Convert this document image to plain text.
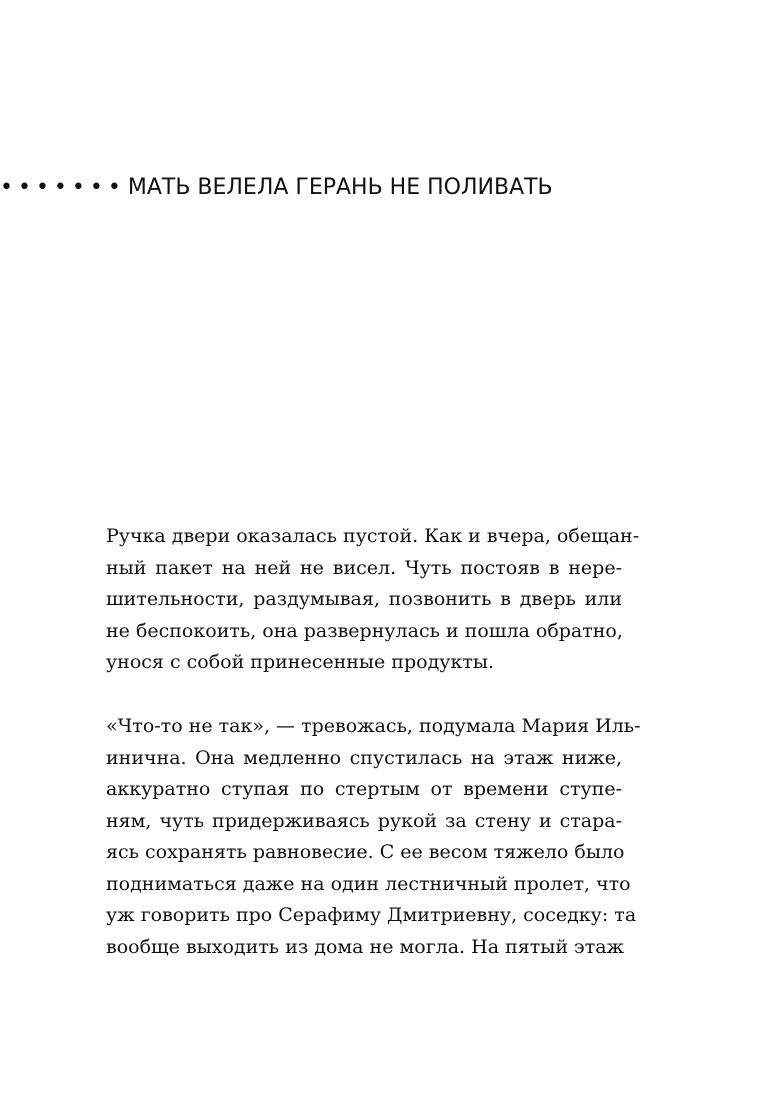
••••••• МАТЬ ВЕЛЕЛА ГЕРАНЬ НЕ ПОЛИВАТЬ
Ручка двери оказалась пустой. Как и вчера, обещан-
ный пакет на ней не висел. Чуть постояв в нере-
шительности, раздумывая, позвонить в дверь или
не беспокоить, она развернулась и пошла обратно,
унося с собой принесенные продукты.
«Что-то не так», — тревожась, подумала Мария Иль-
инична. Она медленно спустилась на этаж ниже,
аккуратно ступая по стертым от времени ступе-
ням, чуть придерживаясь рукой за стену и стара-
ясь сохранять равновесие. С ее весом тяжело было
подниматься даже на один лестничный пролет, что
уж говорить про Серафиму Дмитриевну, соседку: та
вообще выходить из дома не могла. На пятый этаж
